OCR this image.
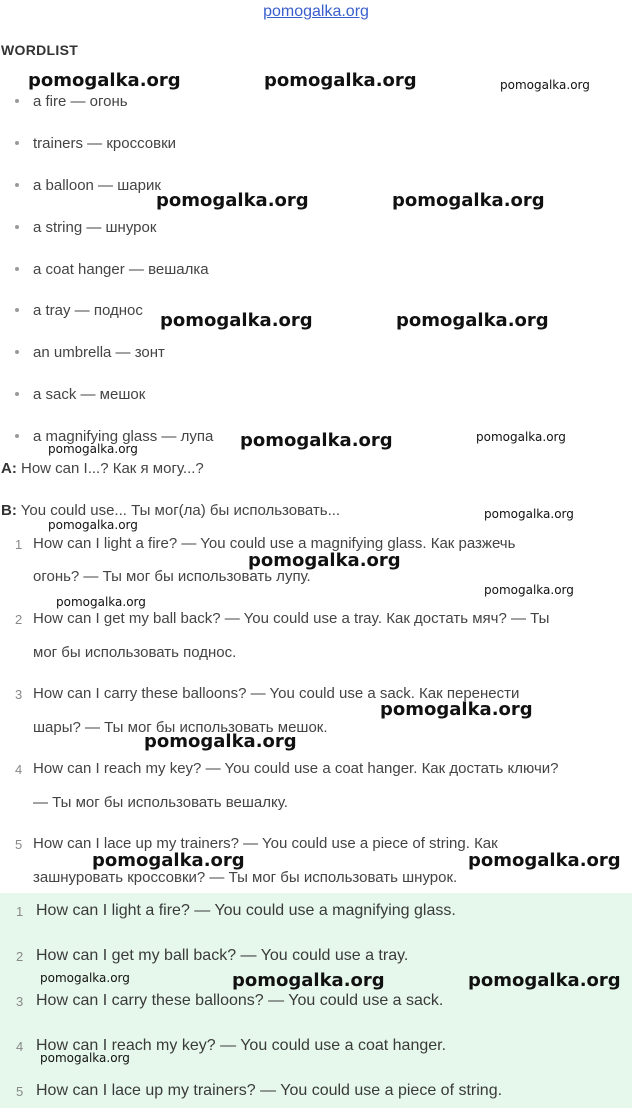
pomogalka.org
WORDLIST
a fire — огонь
trainers — кроссовки
a balloon — шарик
a string — шнурок
a coat hanger — вешалка
a tray — поднос
an umbrella — зонт
a sack — мешок
a magnifying glass — лупа
A: How can I...? Как я могу...?
B: You could use... Ты мог(ла) бы использовать...
1 How can I light a fire? — You could use a magnifying glass. Как разжечь
огонь? — Ты мог бы использовать лупу.
2 How can I get my ball back? — You could use a tray. Как достать мяч? — Ты
мог бы использовать поднос.
3 How can I carry these balloons? — You could use a sack. Как перенести
шары? — Ты мог бы использовать мешок.
4 How can I reach my key? — You could use a coat hanger. Как достать ключи?
— Ты мог бы использовать вешалку.
5 How can I lace up my trainers? — You could use a piece of string. Как
зашнуровать кроссовки? — Ты мог бы использовать шнурок.
1 How can I light a fire? — You could use a magnifying glass.
2 How can I get my ball back? — You could use a tray.
3 How can I carry these balloons? — You could use a sack.
4 How can I reach my key? — You could use a coat hanger.
5 How can I lace up my trainers? — You could use a piece of string.
pomogalka.org	pomogalka.org	pomogalka.org
pomogalka.org	pomogalka.org
pomogalka.org	pomogalka.org
pomogalka.org	pomogalka.org
pomogalka.org
pomogalka.org
pomogalka.org
pomogalka.org
pomogalka.org
pomogalka.org
pomogalka.org
pomogalka.org
pomogalka.org	pomogalka.org
pomogalka.org	pomogalka.org	pomogalka.org
pomogalka.org
